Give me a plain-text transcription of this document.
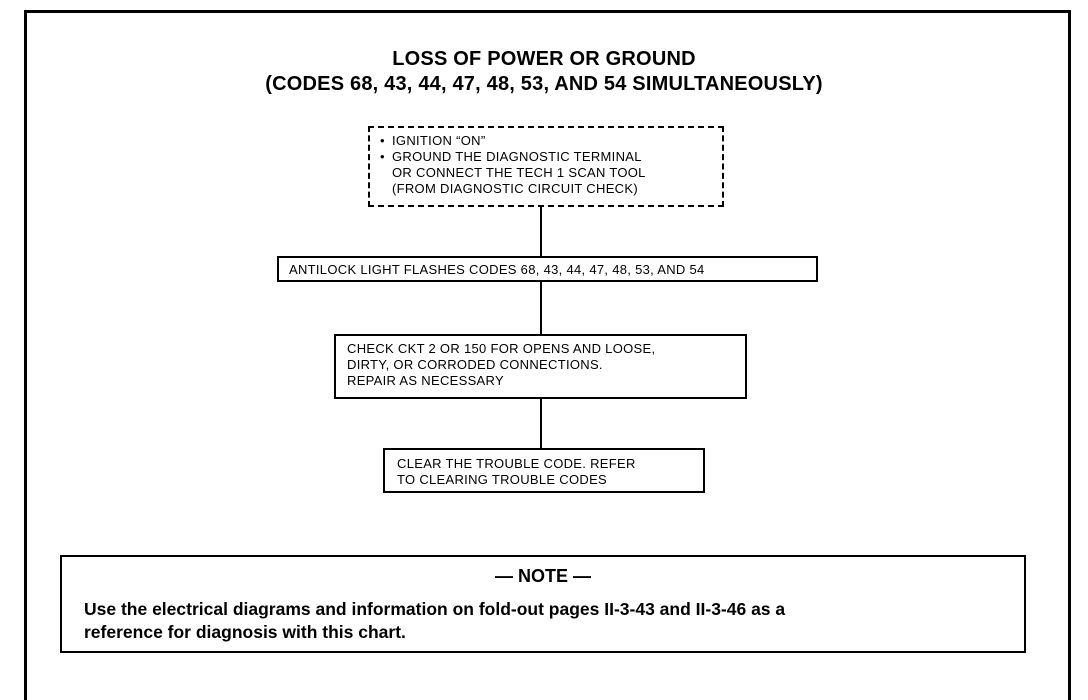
LOSS OF POWER OR GROUND
(CODES 68, 43, 44, 47, 48, 53, AND 54 SIMULTANEOUSLY)
• IGNITION “ON”
• GROUND THE DIAGNOSTIC TERMINAL
OR CONNECT THE TECH 1 SCAN TOOL
(FROM DIAGNOSTIC CIRCUIT CHECK)
ANTILOCK LIGHT FLASHES CODES 68, 43, 44, 47, 48, 53, AND 54
CHECK CKT 2 OR 150 FOR OPENS AND LOOSE,
DIRTY, OR CORRODED CONNECTIONS.
REPAIR AS NECESSARY
CLEAR THE TROUBLE CODE. REFER
TO CLEARING TROUBLE CODES
— NOTE —
Use the electrical diagrams and information on fold-out pages II-3-43 and II-3-46 as a
reference for diagnosis with this chart.
